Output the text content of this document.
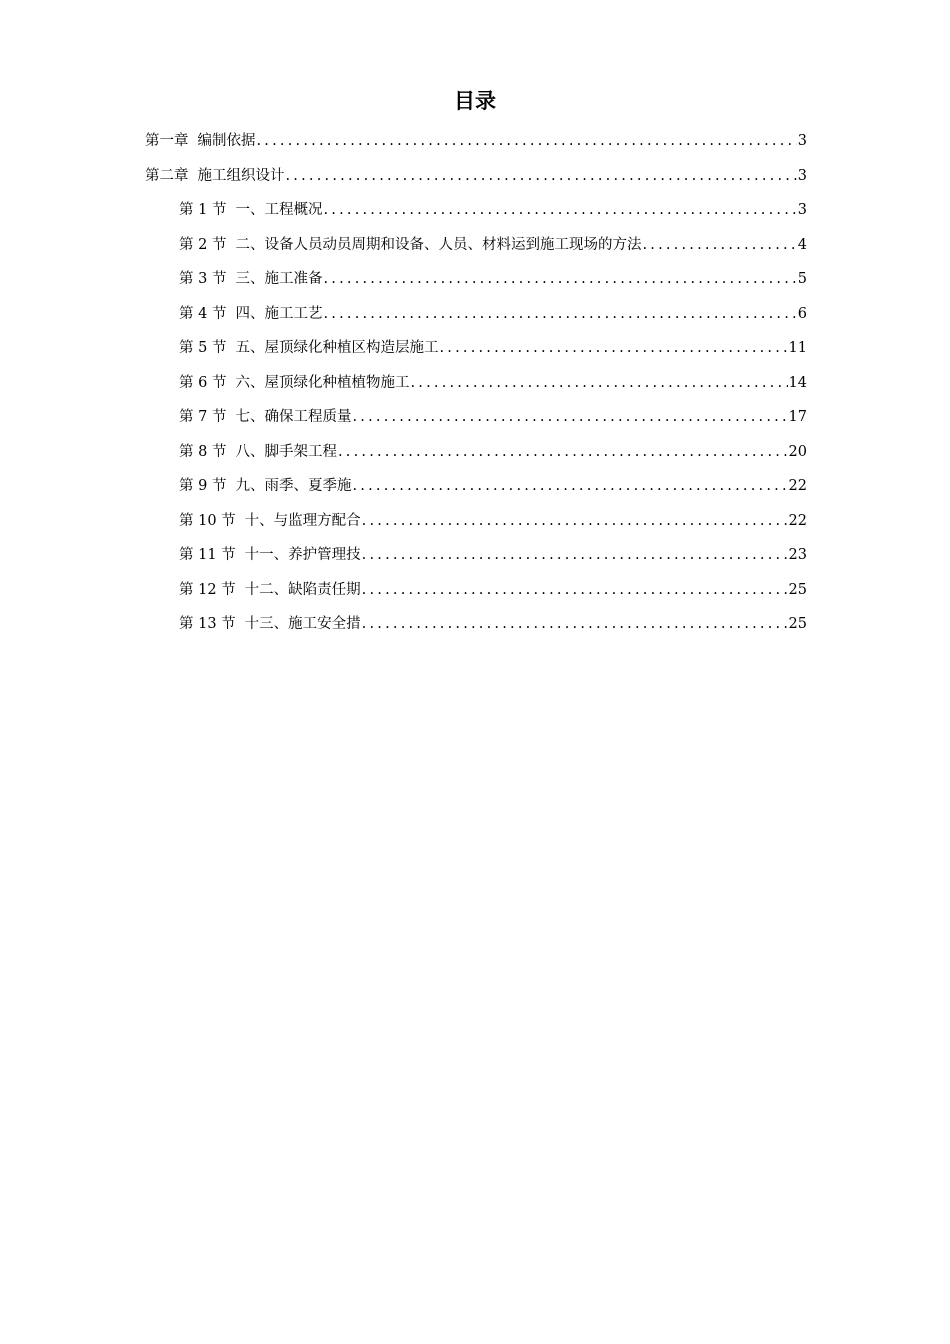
目录
第一章 编制依据 .....	3
第二章 施工组织设计 .....	3
第 1 节 一、工程概况 .....	3
第 2 节 二、设备人员动员周期和设备、人员、材料运到施工现场的方法 .....	4
第 3 节 三、施工准备 .....	5
第 4 节 四、施工工艺 .....	6
第 5 节 五、屋顶绿化种植区构造层施工 .....	11
第 6 节 六、屋顶绿化种植植物施工 .....	14
第 7 节 七、确保工程质量 .....	17
第 8 节 八、脚手架工程 .....	20
第 9 节 九、雨季、夏季施 .....	22
第 10 节 十、与监理方配合 .....	22
第 11 节 十一、养护管理技 .....	23
第 12 节 十二、缺陷责任期 .....	25
第 13 节 十三、施工安全措 .....	25
